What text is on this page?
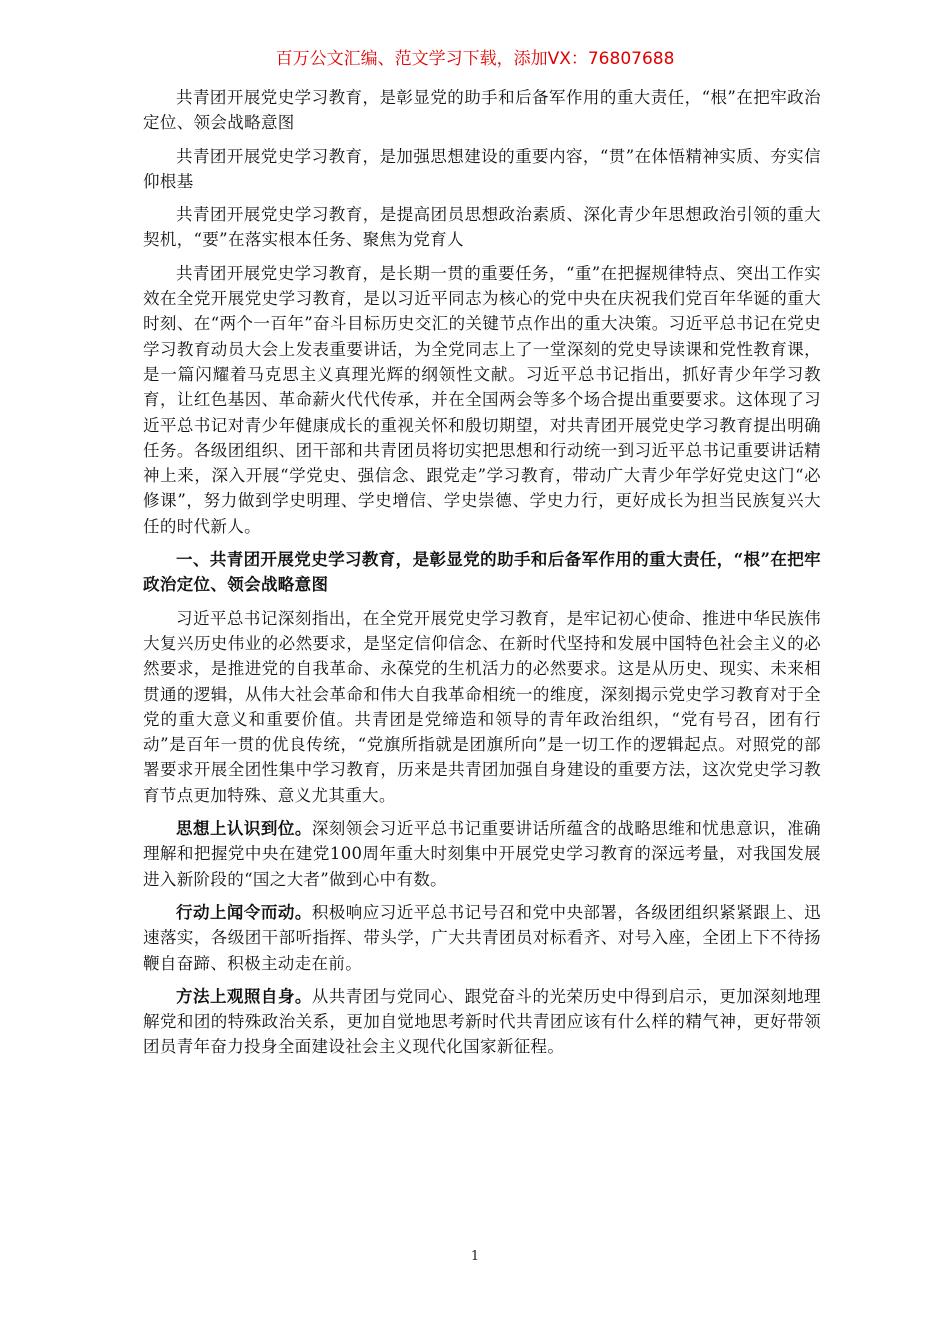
百万公文汇编、范文学习下载，添加VX：76807688

共青团开展党史学习教育，是彰显党的助手和后备军作用的重大责任，“根”在把牢政治定位、领会战略意图

共青团开展党史学习教育，是加强思想建设的重要内容，“贯”在体悟精神实质、夯实信仰根基

共青团开展党史学习教育，是提高团员思想政治素质、深化青少年思想政治引领的重大契机，“要”在落实根本任务、聚焦为党育人

共青团开展党史学习教育，是长期一贯的重要任务，“重”在把握规律特点、突出工作实效在全党开展党史学习教育，是以习近平同志为核心的党中央在庆祝我们党百年华诞的重大时刻、在“两个一百年”奋斗目标历史交汇的关键节点作出的重大决策。习近平总书记在党史学习教育动员大会上发表重要讲话，为全党同志上了一堂深刻的党史导读课和党性教育课，是一篇闪耀着马克思主义真理光辉的纲领性文献。习近平总书记指出，抓好青少年学习教育，让红色基因、革命薪火代代传承，并在全国两会等多个场合提出重要要求。这体现了习近平总书记对青少年健康成长的重视关怀和殷切期望，对共青团开展党史学习教育提出明确任务。各级团组织、团干部和共青团员将切实把思想和行动统一到习近平总书记重要讲话精神上来，深入开展“学党史、强信念、跟党走”学习教育，带动广大青少年学好党史这门“必修课”，努力做到学史明理、学史增信、学史崇德、学史力行，更好成长为担当民族复兴大任的时代新人。

一、共青团开展党史学习教育，是彰显党的助手和后备军作用的重大责任，“根”在把牢政治定位、领会战略意图

习近平总书记深刻指出，在全党开展党史学习教育，是牢记初心使命、推进中华民族伟大复兴历史伟业的必然要求，是坚定信仰信念、在新时代坚持和发展中国特色社会主义的必然要求，是推进党的自我革命、永葆党的生机活力的必然要求。这是从历史、现实、未来相贯通的逻辑，从伟大社会革命和伟大自我革命相统一的维度，深刻揭示党史学习教育对于全党的重大意义和重要价值。共青团是党缔造和领导的青年政治组织，“党有号召，团有行动”是百年一贯的优良传统，“党旗所指就是团旗所向”是一切工作的逻辑起点。对照党的部署要求开展全团性集中学习教育，历来是共青团加强自身建设的重要方法，这次党史学习教育节点更加特殊、意义尤其重大。

思想上认识到位。深刻领会习近平总书记重要讲话所蕴含的战略思维和忧患意识，准确理解和把握党中央在建党100周年重大时刻集中开展党史学习教育的深远考量，对我国发展进入新阶段的“国之大者”做到心中有数。

行动上闻令而动。积极响应习近平总书记号召和党中央部署，各级团组织紧紧跟上、迅速落实，各级团干部听指挥、带头学，广大共青团员对标看齐、对号入座，全团上下不待扬鞭自奋蹄、积极主动走在前。

方法上观照自身。从共青团与党同心、跟党奋斗的光荣历史中得到启示，更加深刻地理解党和团的特殊政治关系，更加自觉地思考新时代共青团应该有什么样的精气神，更好带领团员青年奋力投身全面建设社会主义现代化国家新征程。

1
